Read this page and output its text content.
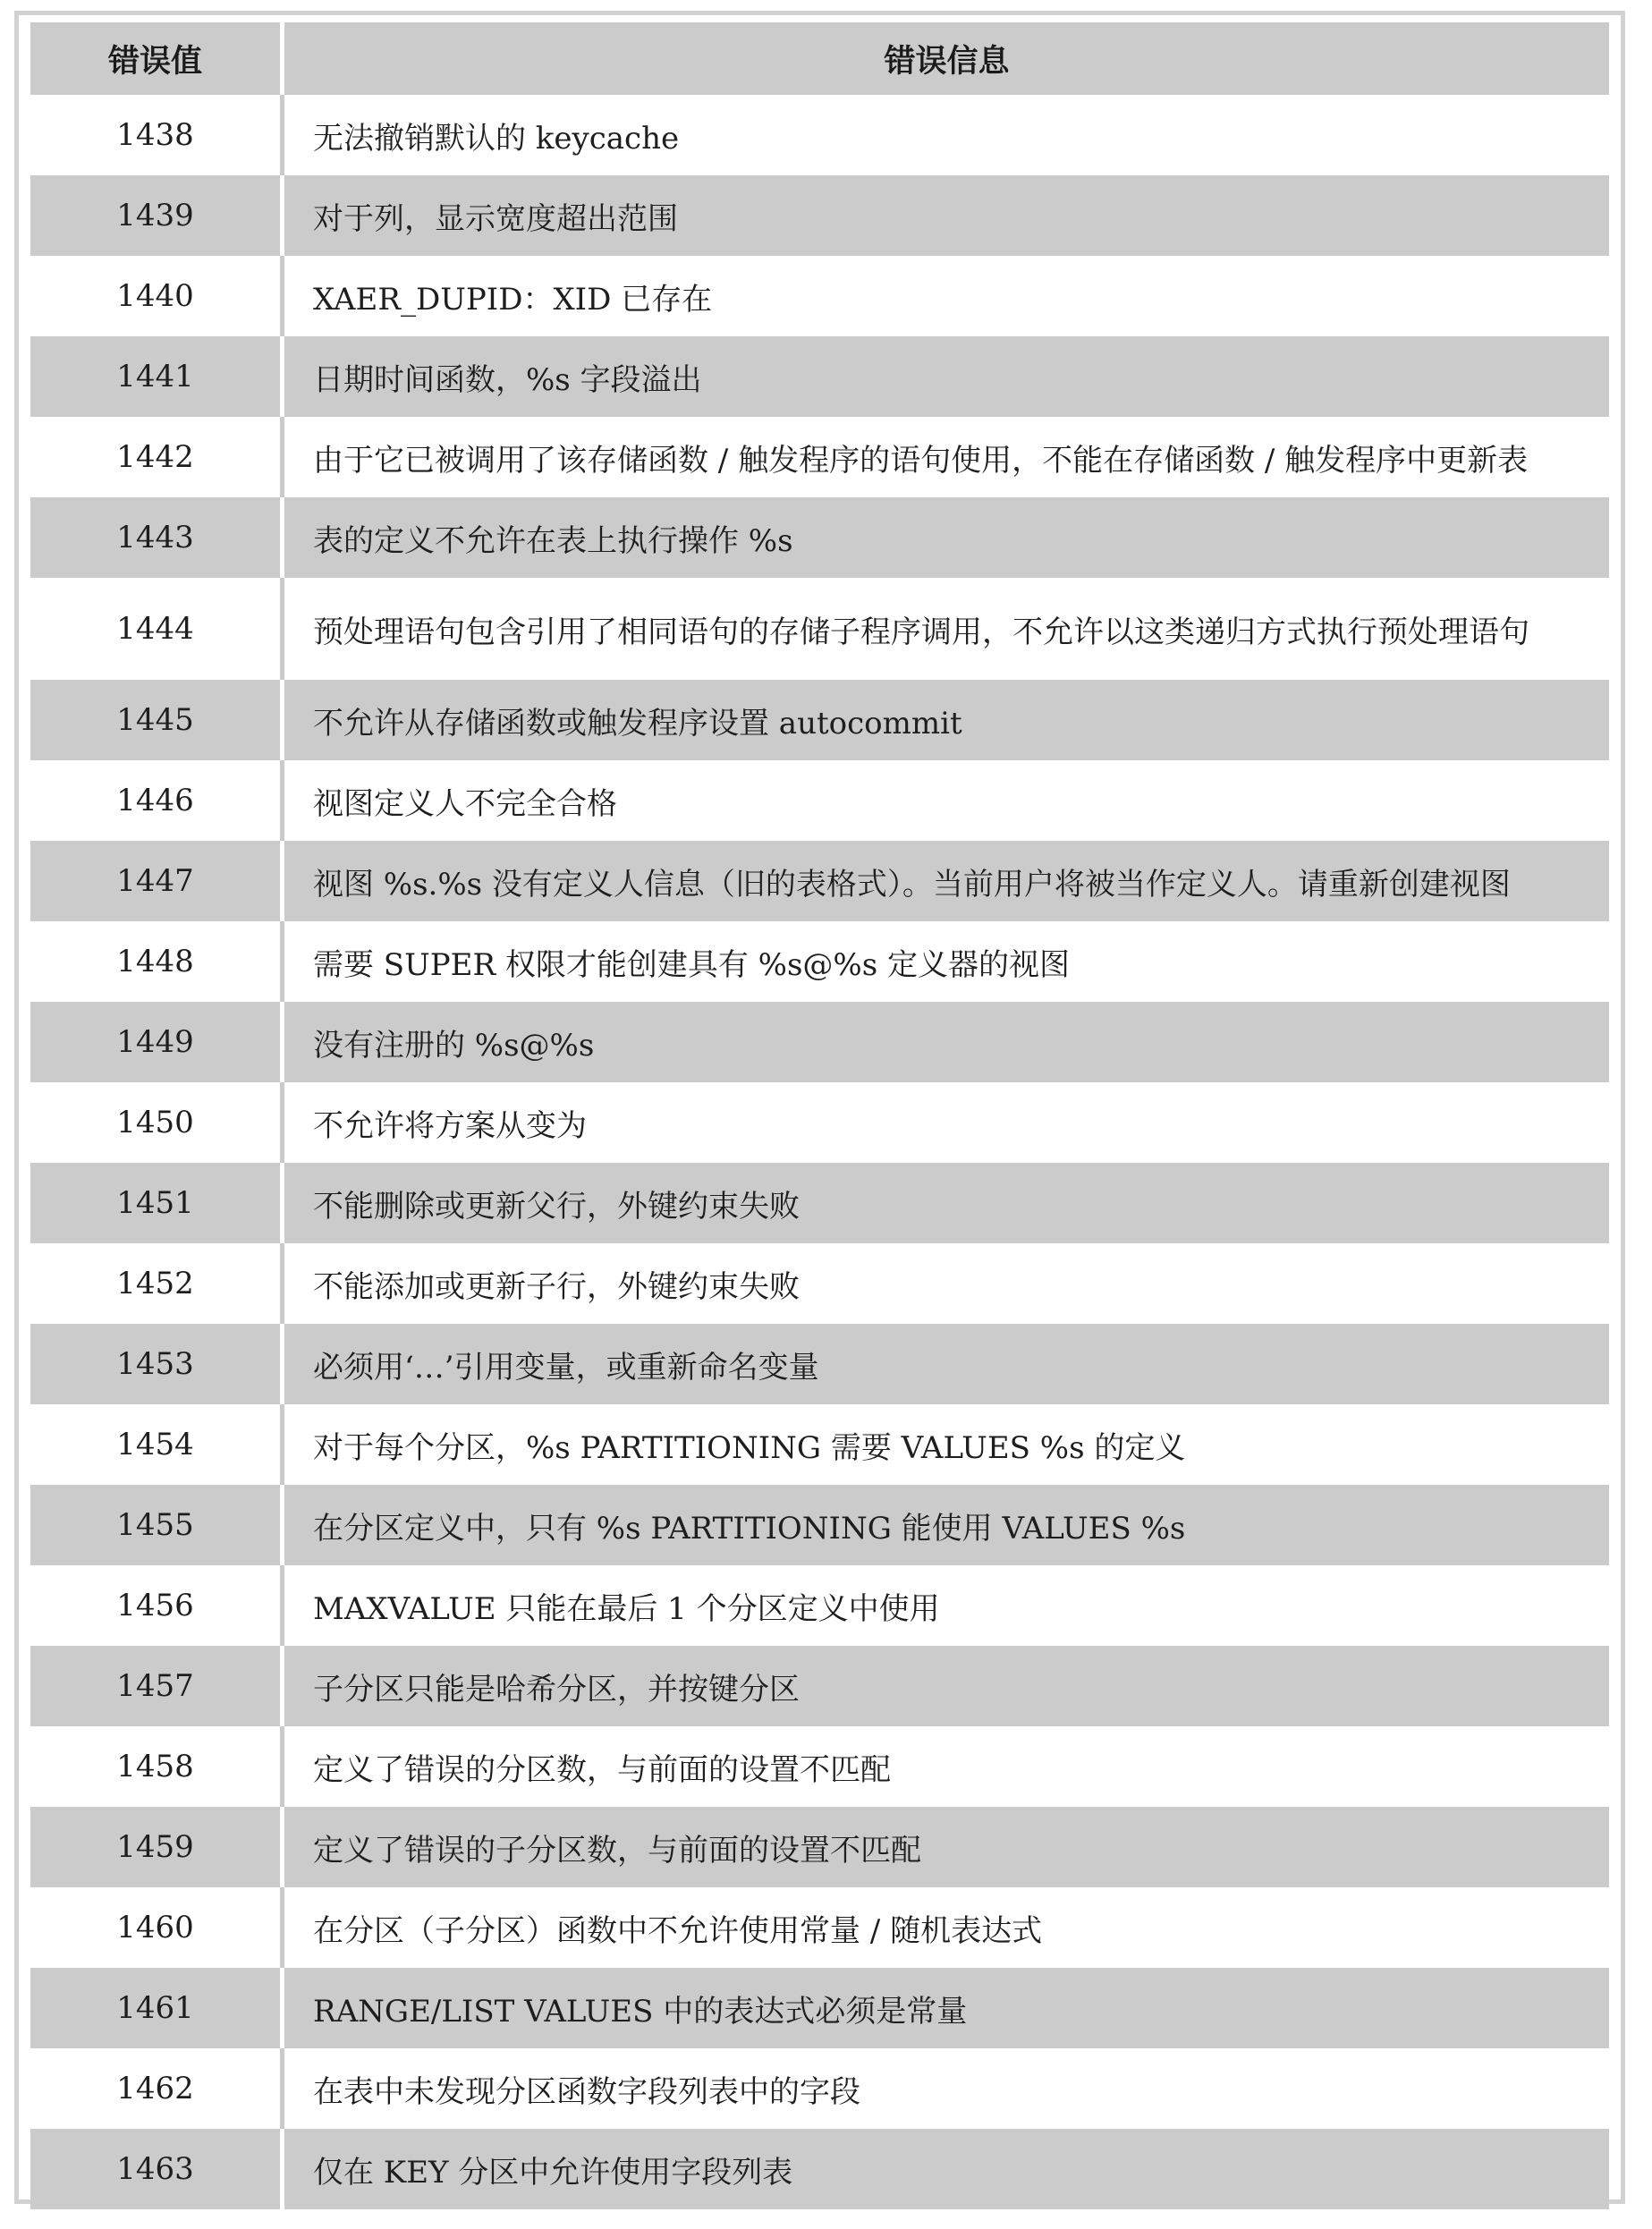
错误值	错误信息
1438	无法撤销默认的 keycache
1439	对于列，显示宽度超出范围
1440	XAER_DUPID：XID 已存在
1441	日期时间函数，%s 字段溢出
1442	由于它已被调用了该存储函数 / 触发程序的语句使用，不能在存储函数 / 触发程序中更新表
1443	表的定义不允许在表上执行操作 %s
1444	预处理语句包含引用了相同语句的存储子程序调用，不允许以这类递归方式执行预处理语句
1445	不允许从存储函数或触发程序设置 autocommit
1446	视图定义人不完全合格
1447	视图 %s.%s 没有定义人信息（旧的表格式）。当前用户将被当作定义人。请重新创建视图
1448	需要 SUPER 权限才能创建具有 %s@%s 定义器的视图
1449	没有注册的 %s@%s
1450	不允许将方案从变为
1451	不能删除或更新父行，外键约束失败
1452	不能添加或更新子行，外键约束失败
1453	必须用‘…’引用变量，或重新命名变量
1454	对于每个分区，%s PARTITIONING 需要 VALUES %s 的定义
1455	在分区定义中，只有 %s PARTITIONING 能使用 VALUES %s
1456	MAXVALUE 只能在最后 1 个分区定义中使用
1457	子分区只能是哈希分区，并按键分区
1458	定义了错误的分区数，与前面的设置不匹配
1459	定义了错误的子分区数，与前面的设置不匹配
1460	在分区（子分区）函数中不允许使用常量 / 随机表达式
1461	RANGE/LIST VALUES 中的表达式必须是常量
1462	在表中未发现分区函数字段列表中的字段
1463	仅在 KEY 分区中允许使用字段列表
